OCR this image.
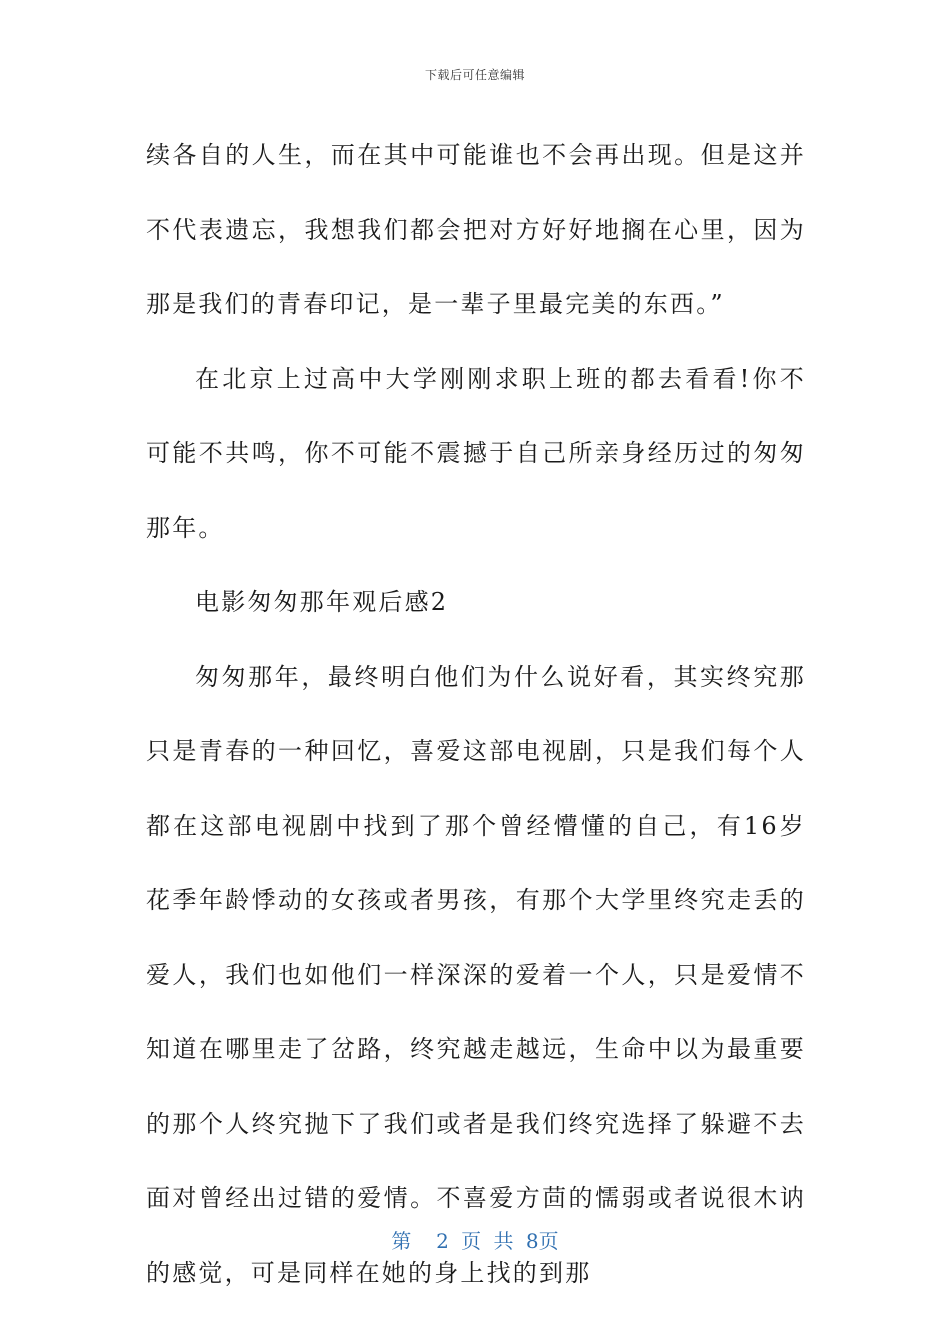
下载后可任意编辑

续各自的人生，而在其中可能谁也不会再出现。但是这并不代表遗忘，我想我们都会把对方好好地搁在心里，因为那是我们的青春印记，是一辈子里最完美的东西。”

在北京上过高中大学刚刚求职上班的都去看看!你不可能不共鸣，你不可能不震撼于自己所亲身经历过的匆匆那年。

电影匆匆那年观后感2

匆匆那年，最终明白他们为什么说好看，其实终究那只是青春的一种回忆，喜爱这部电视剧，只是我们每个人都在这部电视剧中找到了那个曾经懵懂的自己，有16岁花季年龄悸动的女孩或者男孩，有那个大学里终究走丢的爱人，我们也如他们一样深深的爱着一个人，只是爱情不知道在哪里走了岔路，终究越走越远，生命中以为最重要的那个人终究抛下了我们或者是我们终究选择了躲避不去面对曾经出过错的爱情。不喜爱方茴的懦弱或者说很木讷的感觉，可是同样在她的身上找的到那

第  2 页 共 8页
